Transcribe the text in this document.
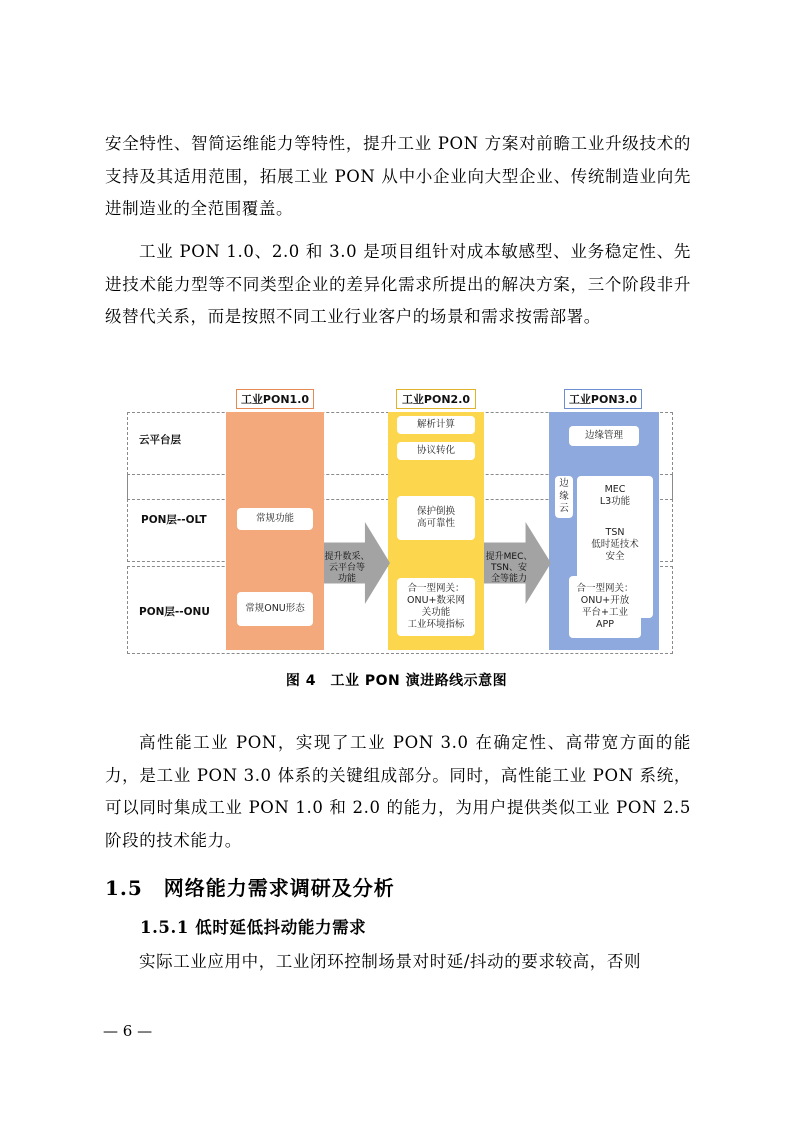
安全特性、智简运维能力等特性，提升工业 PON 方案对前瞻工业升级技术的支持及其适用范围，拓展工业 PON 从中小企业向大型企业、传统制造业向先进制造业的全范围覆盖。

工业 PON 1.0、2.0 和 3.0 是项目组针对成本敏感型、业务稳定性、先进技术能力型等不同类型企业的差异化需求所提出的解决方案，三个阶段非升级替代关系，而是按照不同工业行业客户的场景和需求按需部署。

云平台层
PON层--OLT
PON层--ONU
工业PON1.0	工业PON2.0	工业PON3.0
常规功能
常规ONU形态
解析计算
协议转化
保护倒换
高可靠性
合一型网关：
ONU+数采网
关功能
工业环境指标
边缘管理
边
缘
云
MEC
L3功能
TSN
低时延技术
安全
合一型网关：
ONU+开放
平台+工业
APP
提升数采、
云平台等
功能
提升MEC、
TSN、安
全等能力
图 4　工业 PON 演进路线示意图

高性能工业 PON，实现了工业 PON 3.0 在确定性、高带宽方面的能力，是工业 PON 3.0 体系的关键组成部分。同时，高性能工业 PON 系统，可以同时集成工业 PON 1.0 和 2.0 的能力，为用户提供类似工业 PON 2.5 阶段的技术能力。

1.5　网络能力需求调研及分析
1.5.1 低时延低抖动能力需求

实际工业应用中，工业闭环控制场景对时延/抖动的要求较高，否则

— 6 —
